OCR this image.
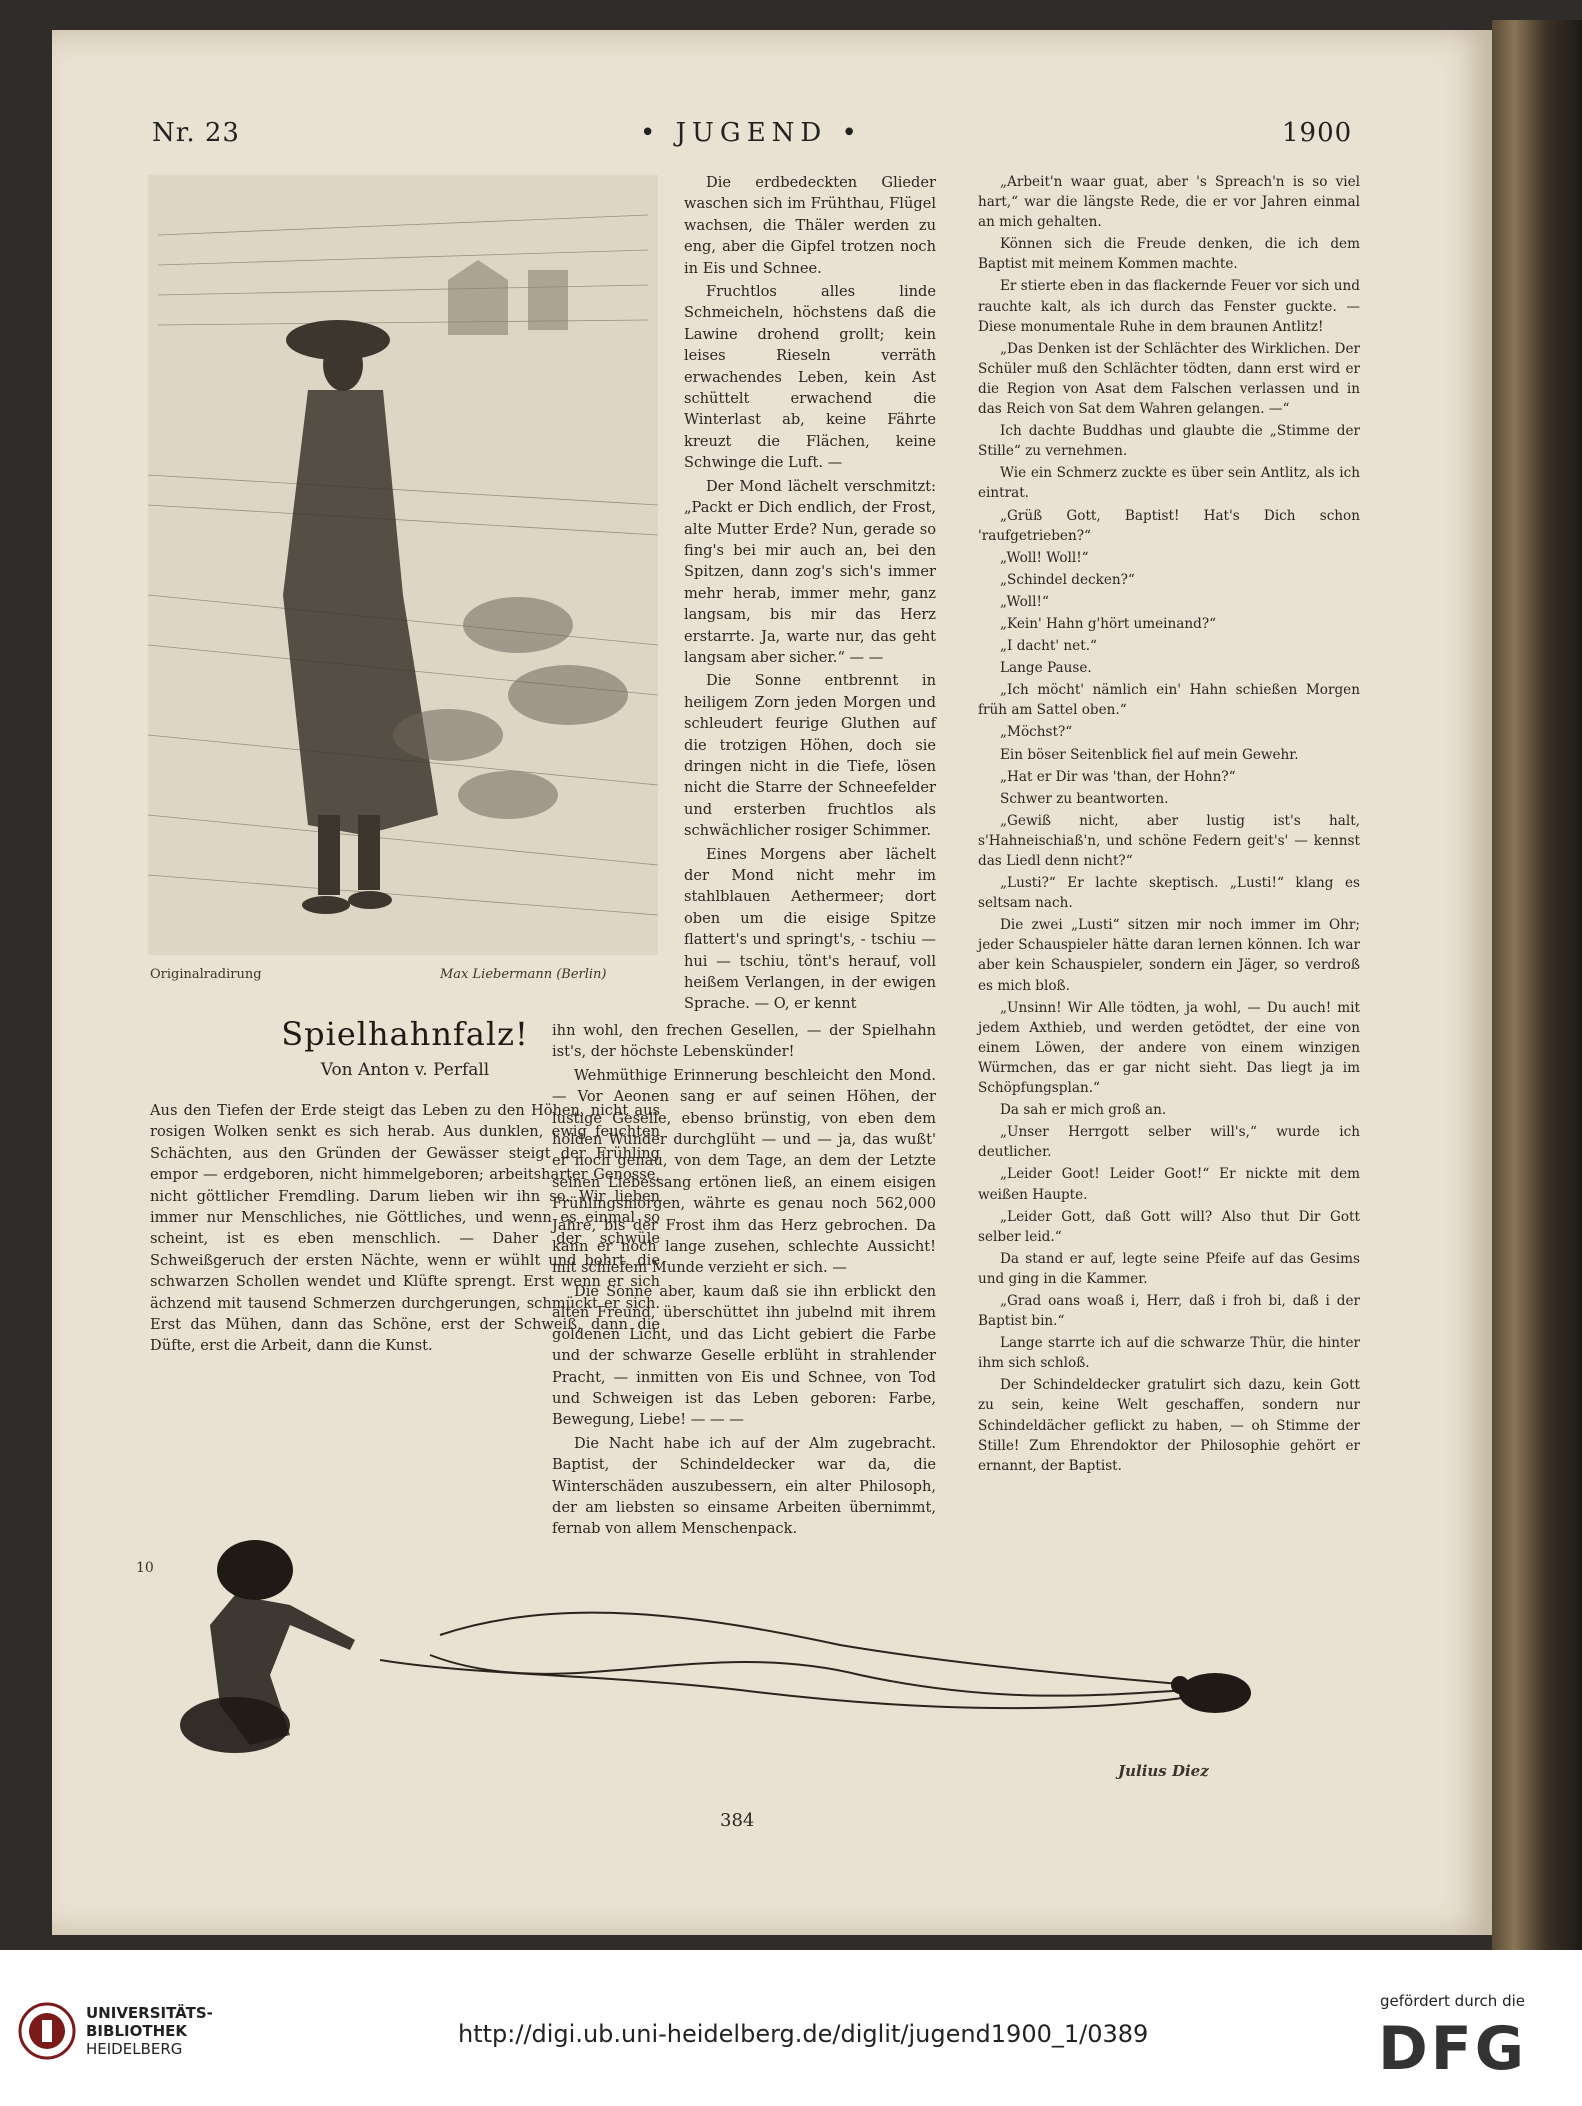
Nr. 23	• JUGEND •	1900
Originalradirung	Max Liebermann (Berlin)
Spielhahnfalz!
Von Anton v. Perfall

Aus den Tiefen der Erde steigt das Leben zu den Höhen, nicht aus rosigen Wolken senkt es sich herab. Aus dunklen, ewig feuchten Schächten, aus den Gründen der Gewässer steigt der Frühling empor — erdgeboren, nicht himmelgeboren; arbeitsharter Genosse, nicht göttlicher Fremdling. Darum lieben wir ihn so. Wir lieben immer nur Menschliches, nie Göttliches, und wenn es einmal so scheint, ist es eben menschlich. — Daher der schwüle Schweißgeruch der ersten Nächte, wenn er wühlt und bohrt, die schwarzen Schollen wendet und Klüfte sprengt. Erst wenn er sich ächzend mit tausend Schmerzen durchgerungen, schmückt er sich. Erst das Mühen, dann das Schöne, erst der Schweiß, dann die Düfte, erst die Arbeit, dann die Kunst.

Die erdbedeckten Glieder waschen sich im Frühthau, Flügel wachsen, die Thäler werden zu eng, aber die Gipfel trotzen noch in Eis und Schnee.

Fruchtlos alles linde Schmeicheln, höchstens daß die Lawine drohend grollt; kein leises Rieseln verräth erwachendes Leben, kein Ast schüttelt erwachend die Winterlast ab, keine Fährte kreuzt die Flächen, keine Schwinge die Luft. —

Der Mond lächelt verschmitzt: „Packt er Dich endlich, der Frost, alte Mutter Erde? Nun, gerade so fing's bei mir auch an, bei den Spitzen, dann zog's sich's immer mehr herab, immer mehr, ganz langsam, bis mir das Herz erstarrte. Ja, warte nur, das geht langsam aber sicher.“ — —

Die Sonne entbrennt in heiligem Zorn jeden Morgen und schleudert feurige Gluthen auf die trotzigen Höhen, doch sie dringen nicht in die Tiefe, lösen nicht die Starre der Schneefelder und ersterben fruchtlos als schwächlicher rosiger Schimmer.

Eines Morgens aber lächelt der Mond nicht mehr im stahlblauen Aethermeer; dort oben um die eisige Spitze flattert's und springt's, - tschiu — hui — tschiu, tönt's herauf, voll heißem Verlangen, in der ewigen Sprache. — O, er kennt

ihn wohl, den frechen Gesellen, — der Spielhahn ist's, der höchste Lebenskünder!

Wehmüthige Erinnerung beschleicht den Mond. — Vor Aeonen sang er auf seinen Höhen, der lustige Geselle, ebenso brünstig, von eben dem holden Wunder durchglüht — und — ja, das wußt' er noch genau, von dem Tage, an dem der Letzte seinen Liebessang ertönen ließ, an einem eisigen Frühlingsmorgen, währte es genau noch 562,000 Jahre, bis der Frost ihm das Herz gebrochen. Da kann er noch lange zusehen, schlechte Aussicht! mit schiefem Munde verzieht er sich. —

Die Sonne aber, kaum daß sie ihn erblickt den alten Freund, überschüttet ihn jubelnd mit ihrem goldenen Licht, und das Licht gebiert die Farbe und der schwarze Geselle erblüht in strahlender Pracht, — inmitten von Eis und Schnee, von Tod und Schweigen ist das Leben geboren: Farbe, Bewegung, Liebe! — — —

Die Nacht habe ich auf der Alm zugebracht. Baptist, der Schindeldecker war da, die Winterschäden auszubessern, ein alter Philosoph, der am liebsten so einsame Arbeiten übernimmt, fernab von allem Menschenpack.

„Arbeit'n waar guat, aber 's Spreach'n is so viel hart,“ war die längste Rede, die er vor Jahren einmal an mich gehalten.

Können sich die Freude denken, die ich dem Baptist mit meinem Kommen machte.

Er stierte eben in das flackernde Feuer vor sich und rauchte kalt, als ich durch das Fenster guckte. — Diese monumentale Ruhe in dem braunen Antlitz!

„Das Denken ist der Schlächter des Wirklichen. Der Schüler muß den Schlächter tödten, dann erst wird er die Region von Asat dem Falschen verlassen und in das Reich von Sat dem Wahren gelangen. —“

Ich dachte Buddhas und glaubte die „Stimme der Stille“ zu vernehmen.

Wie ein Schmerz zuckte es über sein Antlitz, als ich eintrat.

„Grüß Gott, Baptist! Hat's Dich schon 'raufgetrieben?“

„Woll! Woll!“

„Schindel decken?“

„Woll!“

„Kein' Hahn g'hört umeinand?“

„I dacht' net.“

Lange Pause.

„Ich möcht' nämlich ein' Hahn schießen Morgen früh am Sattel oben.“

„Möchst?“

Ein böser Seitenblick fiel auf mein Gewehr.

„Hat er Dir was 'than, der Hohn?“

Schwer zu beantworten.

„Gewiß nicht, aber lustig ist's halt, s'Hahneischiaß'n, und schöne Federn geit's' — kennst das Liedl denn nicht?“

„Lusti?“ Er lachte skeptisch. „Lusti!“ klang es seltsam nach.

Die zwei „Lusti“ sitzen mir noch immer im Ohr; jeder Schauspieler hätte daran lernen können. Ich war aber kein Schauspieler, sondern ein Jäger, so verdroß es mich bloß.

„Unsinn! Wir Alle tödten, ja wohl, — Du auch! mit jedem Axthieb, und werden getödtet, der eine von einem Löwen, der andere von einem winzigen Würmchen, das er gar nicht sieht. Das liegt ja im Schöpfungsplan.“

Da sah er mich groß an.

„Unser Herrgott selber will's,“ wurde ich deutlicher.

„Leider Goot! Leider Goot!“ Er nickte mit dem weißen Haupte.

„Leider Gott, daß Gott will? Also thut Dir Gott selber leid.“

Da stand er auf, legte seine Pfeife auf das Gesims und ging in die Kammer.

„Grad oans woaß i, Herr, daß i froh bi, daß i der Baptist bin.“

Lange starrte ich auf die schwarze Thür, die hinter ihm sich schloß.

Der Schindeldecker gratulirt sich dazu, kein Gott zu sein, keine Welt geschaffen, sondern nur Schindeldächer geflickt zu haben, — oh Stimme der Stille! Zum Ehrendoktor der Philosophie gehört er ernannt, der Baptist.

10
Julius Diez
384
UNIVERSITÄTS-
BIBLIOTHEK
HEIDELBERG
http://digi.ub.uni-heidelberg.de/diglit/jugend1900_1/0389
gefördert durch die
DFG
